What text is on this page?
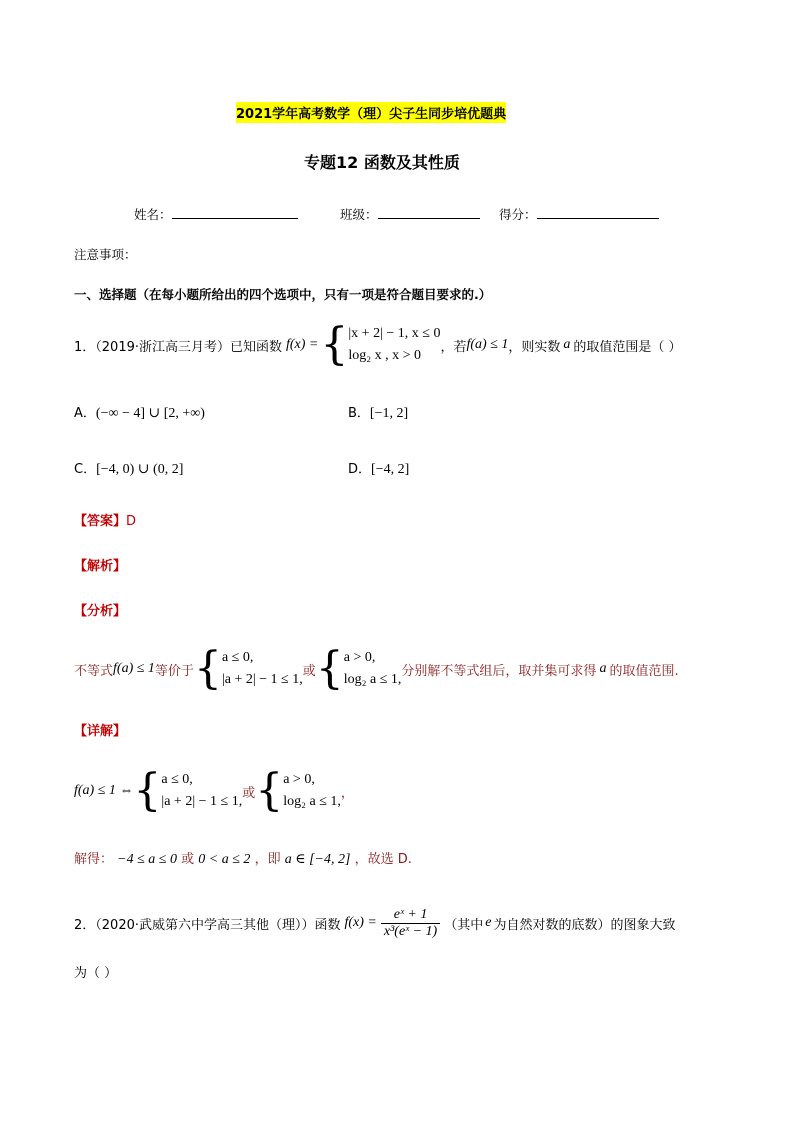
2021学年高考数学（理）尖子生同步培优题典
专题12 函数及其性质
姓名：	班级：	得分：
注意事项：
一、选择题（在每小题所给出的四个选项中，只有一项是符合题目要求的.）
1．（2019·浙江高三月考）已知函数 f(x) = { |x + 2| − 1, x ≤ 0
log₂ x , x > 0
，若 f(a) ≤ 1 ，则实数 a 的取值范围是（ ）
A．(−∞ − 4] ∪ [2, +∞)	B．[−1, 2]
C．[−4, 0) ∪ (0, 2]	D．[−4, 2]
【答案】D
【解析】
【分析】
不等式 f(a) ≤ 1 等价于 { a ≤ 0,
|a + 2| − 1 ≤ 1,
或 { a > 0,
log₂ a ≤ 1,
分别解不等式组后，取并集可求得 a 的取值范围.
【详解】
f(a) ≤ 1 ⇔ { a ≤ 0,
|a + 2| − 1 ≤ 1,
或 { a > 0,
log₂ a ≤ 1,
，
解得： −4 ≤ a ≤ 0 或 0 < a ≤ 2 ，即 a ∈ [−4, 2] ，故选 D.
2．（2020·武威第六中学高三其他（理））函数 $f(x) = \frac{\text{eˣ + 1}}{\text{x³(eˣ − 1)}}$ （其中 e 为自然对数的底数）的图象大致
为（ ）
